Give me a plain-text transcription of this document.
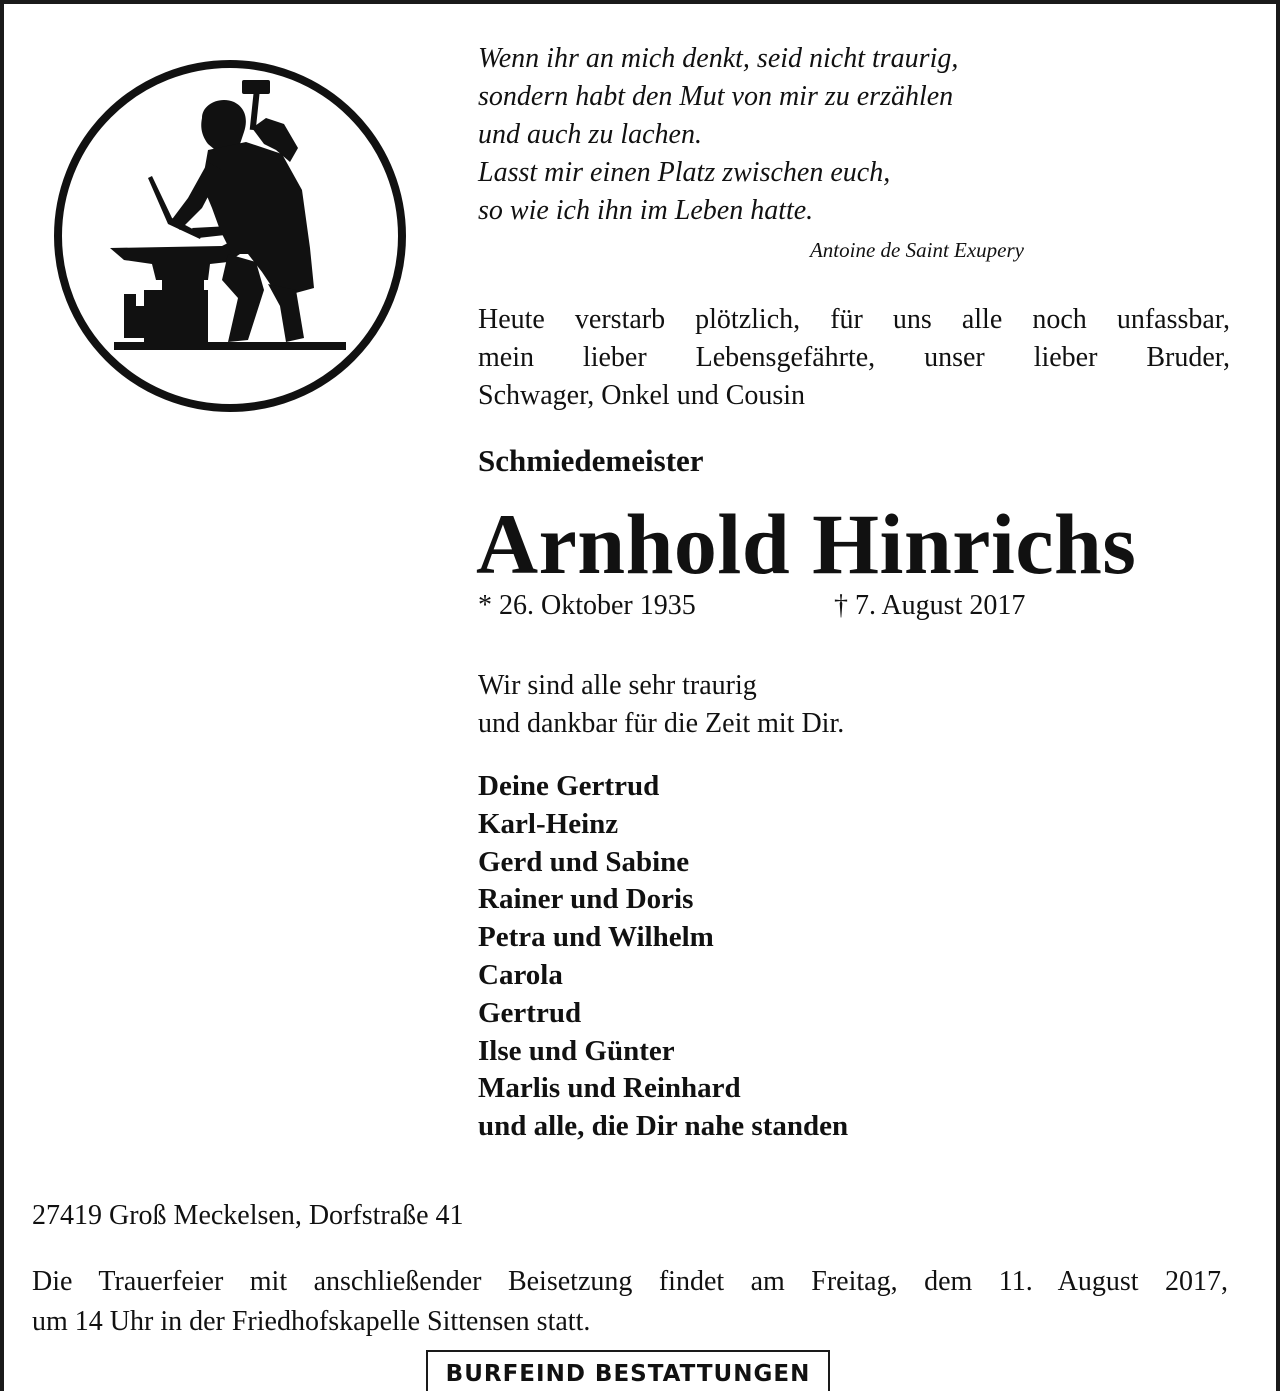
Wenn ihr an mich denkt, seid nicht traurig,
sondern habt den Mut von mir zu erzählen
und auch zu lachen.
Lasst mir einen Platz zwischen euch,
so wie ich ihn im Leben hatte.
Antoine de Saint Exupery
Heute verstarb plötzlich, für uns alle noch unfassbar,
mein lieber Lebensgefährte, unser lieber Bruder,
Schwager, Onkel und Cousin
Schmiedemeister
Arnhold Hinrichs
* 26. Oktober 1935	† 7. August 2017
Wir sind alle sehr traurig
und dankbar für die Zeit mit Dir.
Deine Gertrud
Karl-Heinz
Gerd und Sabine
Rainer und Doris
Petra und Wilhelm
Carola
Gertrud
Ilse und Günter
Marlis und Reinhard
und alle, die Dir nahe standen
27419 Groß Meckelsen, Dorfstraße 41
Die Trauerfeier mit anschließender Beisetzung findet am Freitag, dem 11. August 2017,
um 14 Uhr in der Friedhofskapelle Sittensen statt.
BURFEIND BESTATTUNGEN
